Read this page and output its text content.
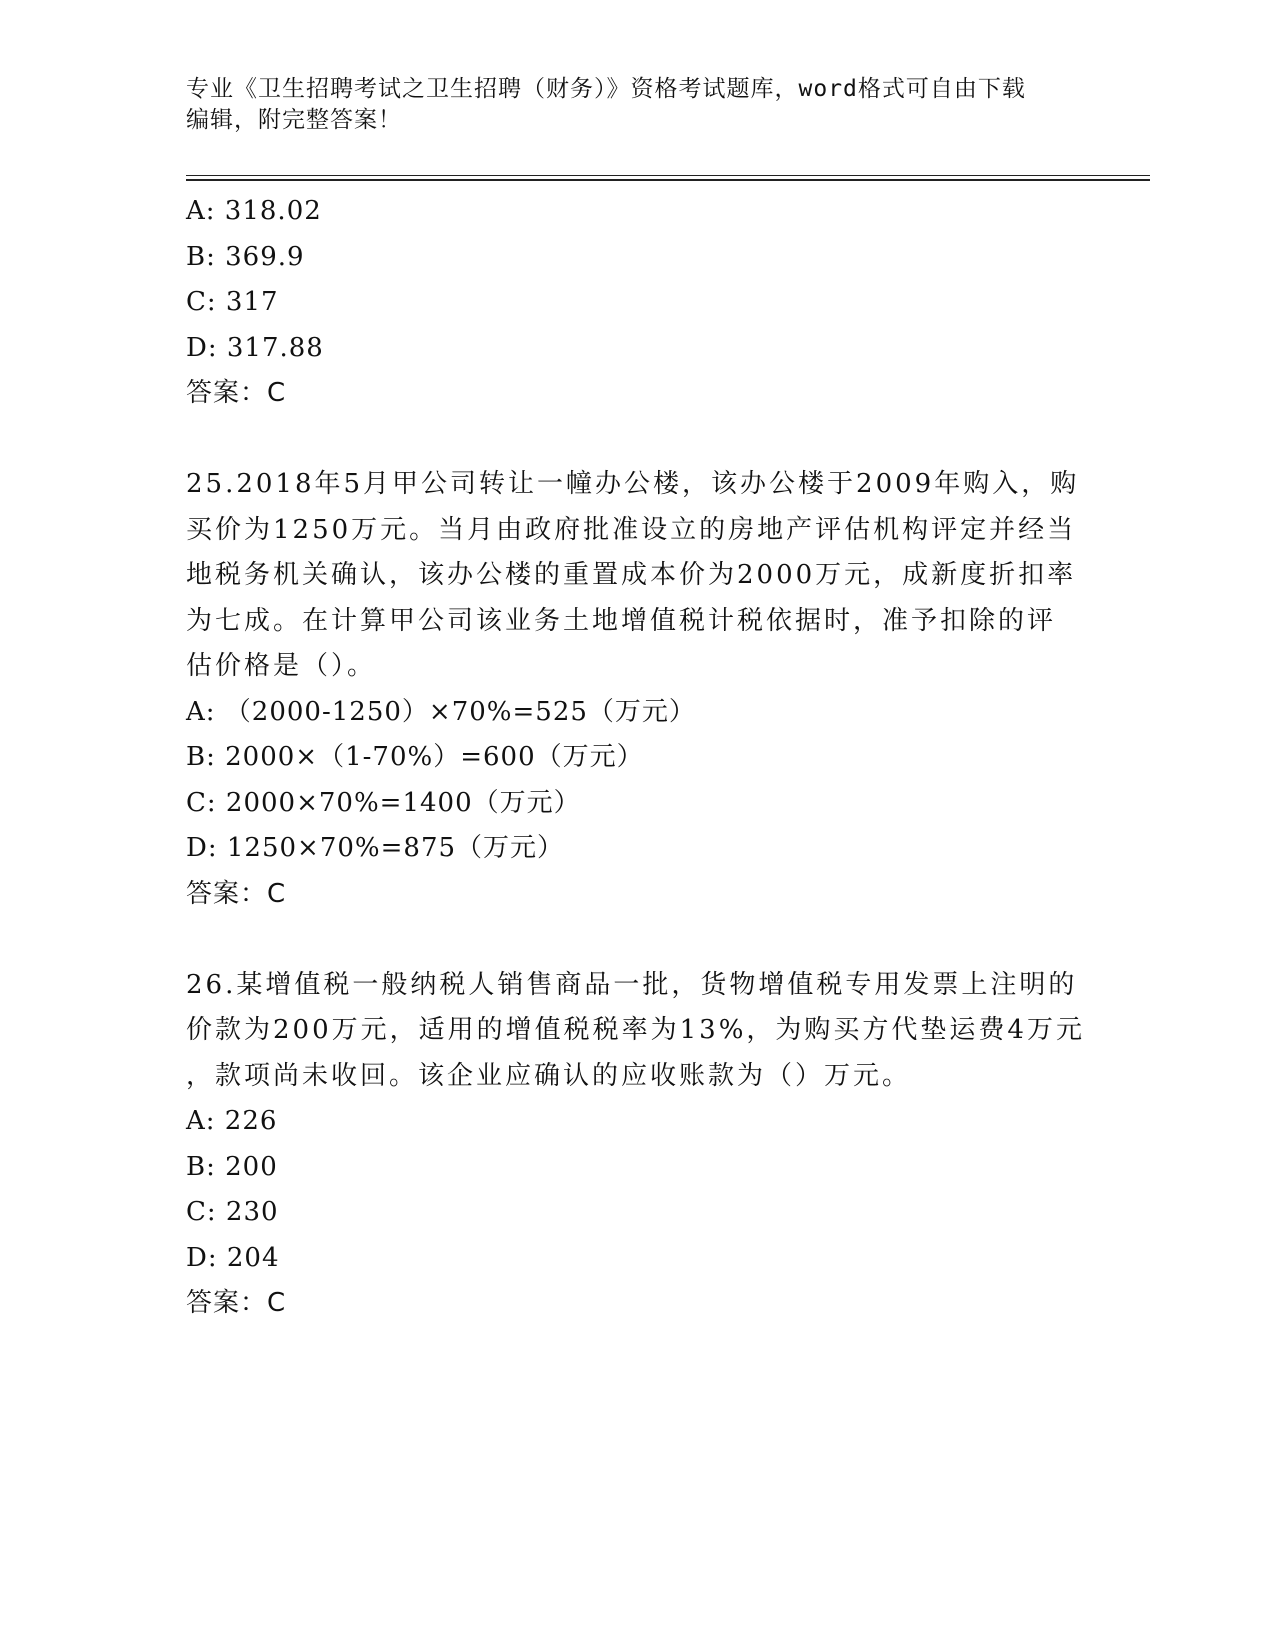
专业《卫生招聘考试之卫生招聘（财务）》资格考试题库，word格式可自由下载
编辑，附完整答案！
A: 318.02
B: 369.9
C: 317
D: 317.88
答案：C
25.2018年5月甲公司转让一幢办公楼，该办公楼于2009年购入，购
买价为1250万元。当月由政府批准设立的房地产评估机构评定并经当
地税务机关确认，该办公楼的重置成本价为2000万元，成新度折扣率
为七成。在计算甲公司该业务土地增值税计税依据时，准予扣除的评
估价格是（）。
A: （2000-1250）×70%=525（万元）
B: 2000×（1-70%）=600（万元）
C: 2000×70%=1400（万元）
D: 1250×70%=875（万元）
答案：C
26.某增值税一般纳税人销售商品一批，货物增值税专用发票上注明的
价款为200万元，适用的增值税税率为13%，为购买方代垫运费4万元
，款项尚未收回。该企业应确认的应收账款为（）万元。
A: 226
B: 200
C: 230
D: 204
答案：C
